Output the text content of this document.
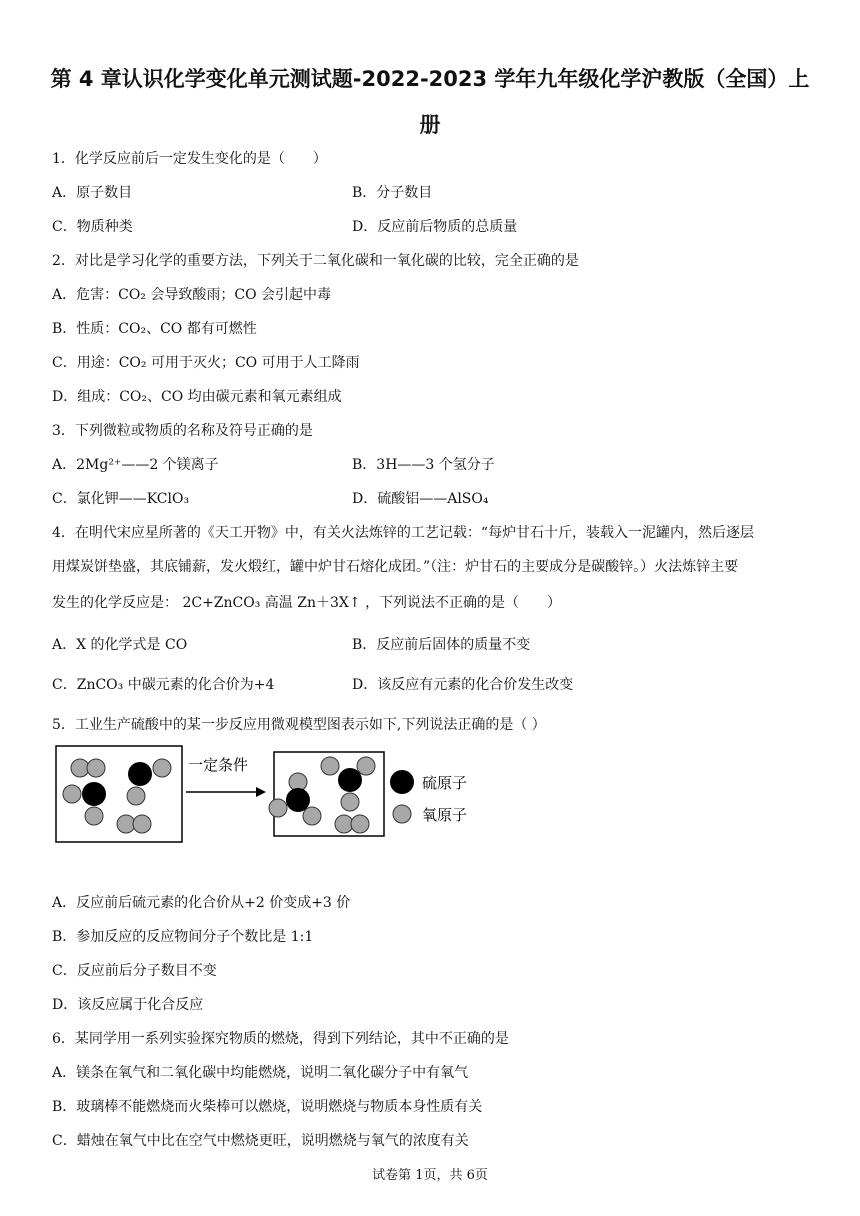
第 4 章认识化学变化单元测试题-2022-2023 学年九年级化学沪教版（全国）上
册
1．化学反应前后一定发生变化的是（　　）
A．原子数目	B．分子数目
C．物质种类	D．反应前后物质的总质量
2．对比是学习化学的重要方法，下列关于二氧化碳和一氧化碳的比较，完全正确的是
A．危害：CO₂ 会导致酸雨；CO 会引起中毒
B．性质：CO₂、CO 都有可燃性
C．用途：CO₂ 可用于灭火；CO 可用于人工降雨
D．组成：CO₂、CO 均由碳元素和氧元素组成
3．下列微粒或物质的名称及符号正确的是
A．2Mg²⁺——2 个镁离子	B．3H——3 个氢分子
C．氯化钾——KClO₃	D．硫酸铝——AlSO₄
4．在明代宋应星所著的《天工开物》中，有关火法炼锌的工艺记载：“每炉甘石十斤，装载入一泥罐内，然后逐层
用煤炭饼垫盛，其底铺薪，发火煅红，罐中炉甘石熔化成团。”（注：炉甘石的主要成分是碳酸锌。）火法炼锌主要
发生的化学反应是： 2C+ZnCO₃ 高温 Zn＋3X↑ ，下列说法不正确的是（　　）
A．X 的化学式是 CO	B．反应前后固体的质量不变
C．ZnCO₃ 中碳元素的化合价为+4	D．该反应有元素的化合价发生改变
5．工业生产硫酸中的某一步反应用微观模型图表示如下,下列说法正确的是（ ）
一定条件
硫原子
氧原子
A．反应前后硫元素的化合价从+2 价变成+3 价
B．参加反应的反应物间分子个数比是 1:1
C．反应前后分子数目不变
D．该反应属于化合反应
6．某同学用一系列实验探究物质的燃烧，得到下列结论，其中不正确的是
A．镁条在氧气和二氧化碳中均能燃烧，说明二氧化碳分子中有氧气
B．玻璃棒不能燃烧而火柴棒可以燃烧，说明燃烧与物质本身性质有关
C．蜡烛在氧气中比在空气中燃烧更旺，说明燃烧与氧气的浓度有关
试卷第 1页，共 6页
